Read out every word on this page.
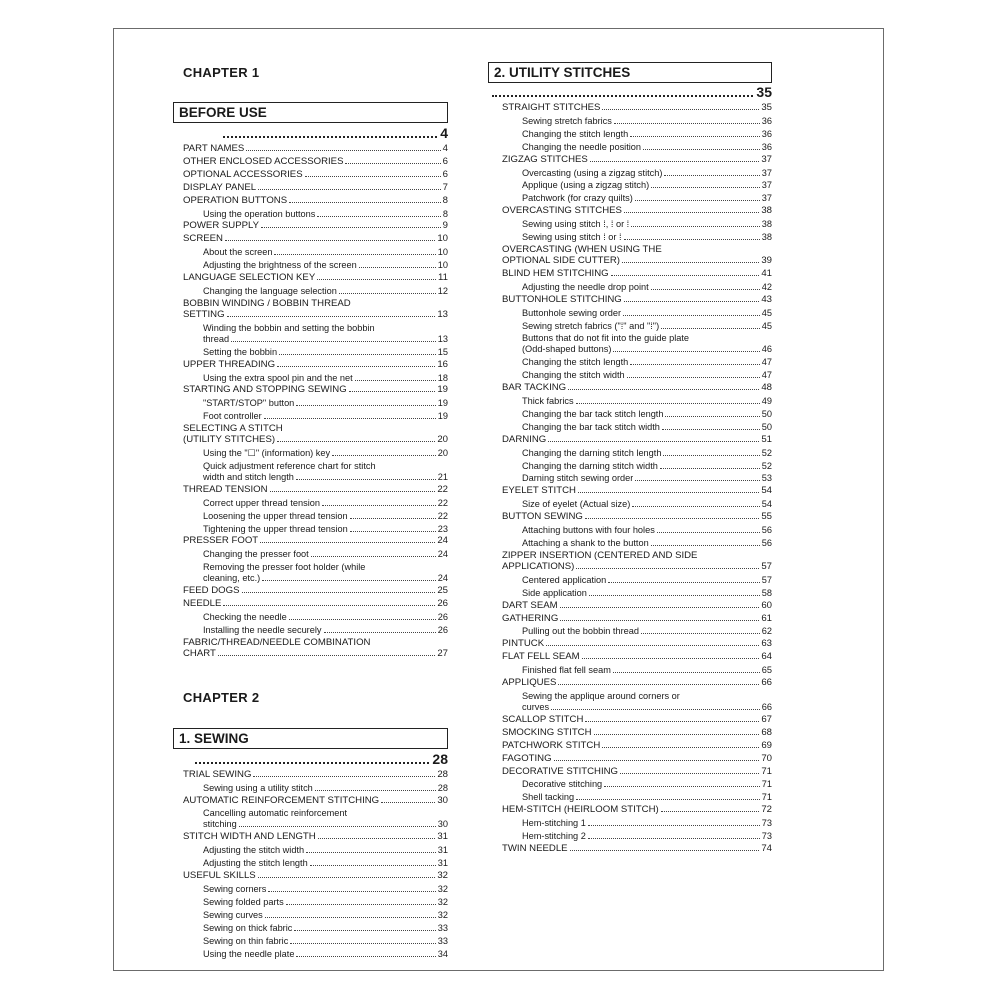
CHAPTER 1

BEFORE USE
4
PART NAMES	4
OTHER ENCLOSED ACCESSORIES	6
OPTIONAL ACCESSORIES	6
DISPLAY PANEL	7
OPERATION BUTTONS	8
Using the operation buttons	8
POWER SUPPLY	9
SCREEN	10
About the screen	10
Adjusting the brightness of the screen	10
LANGUAGE SELECTION KEY	11
Changing the language selection	12
BOBBIN WINDING / BOBBIN THREAD
SETTING	13
Winding the bobbin and setting the bobbin
thread	13
Setting the bobbin	15
UPPER THREADING	16
Using the extra spool pin and the net	18
STARTING AND STOPPING SEWING	19
"START/STOP" button	19
Foot controller	19
SELECTING A STITCH
(UTILITY STITCHES)	20
Using the "☐" (information) key	20
Quick adjustment reference chart for stitch
width and stitch length	21
THREAD TENSION	22
Correct upper thread tension	22
Loosening the upper thread tension	22
Tightening the upper thread tension	23
PRESSER FOOT	24
Changing the presser foot	24
Removing the presser foot holder (while
cleaning, etc.)	24
FEED DOGS	25
NEEDLE	26
Checking the needle	26
Installing the needle securely	26
FABRIC/THREAD/NEEDLE COMBINATION
CHART	27

CHAPTER 2

1. SEWING
28
TRIAL SEWING	28
Sewing using a utility stitch	28
AUTOMATIC REINFORCEMENT STITCHING	30
Cancelling automatic reinforcement
stitching	30
STITCH WIDTH AND LENGTH	31
Adjusting the stitch width	31
Adjusting the stitch length	31
USEFUL SKILLS	32
Sewing corners	32
Sewing folded parts	32
Sewing curves	32
Sewing on thick fabric	33
Sewing on thin fabric	33
Using the needle plate	34
2. UTILITY STITCHES
35
STRAIGHT STITCHES	35
Sewing stretch fabrics	36
Changing the stitch length	36
Changing the needle position	36
ZIGZAG STITCHES	37
Overcasting (using a zigzag stitch)	37
Applique (using a zigzag stitch)	37
Patchwork (for crazy quilts)	37
OVERCASTING STITCHES	38
Sewing using stitch ⁞, ⁞ or ⁞	38
Sewing using stitch ⁞ or ⁞	38
OVERCASTING (WHEN USING THE
OPTIONAL SIDE CUTTER)	39
BLIND HEM STITCHING	41
Adjusting the needle drop point	42
BUTTONHOLE STITCHING	43
Buttonhole sewing order	45
Sewing stretch fabrics ("⁞" and "⁞")	45
Buttons that do not fit into the guide plate
(Odd-shaped buttons)	46
Changing the stitch length	47
Changing the stitch width	47
BAR TACKING	48
Thick fabrics	49
Changing the bar tack stitch length	50
Changing the bar tack stitch width	50
DARNING	51
Changing the darning stitch length	52
Changing the darning stitch width	52
Darning stitch sewing order	53
EYELET STITCH	54
Size of eyelet (Actual size)	54
BUTTON SEWING	55
Attaching buttons with four holes	56
Attaching a shank to the button	56
ZIPPER INSERTION (CENTERED AND SIDE
APPLICATIONS)	57
Centered application	57
Side application	58
DART SEAM	60
GATHERING	61
Pulling out the bobbin thread	62
PINTUCK	63
FLAT FELL SEAM	64
Finished flat fell seam	65
APPLIQUES	66
Sewing the applique around corners or
curves	66
SCALLOP STITCH	67
SMOCKING STITCH	68
PATCHWORK STITCH	69
FAGOTING	70
DECORATIVE STITCHING	71
Decorative stitching	71
Shell tacking	71
HEM-STITCH (HEIRLOOM STITCH)	72
Hem-stitching 1	73
Hem-stitching 2	73
TWIN NEEDLE	74
